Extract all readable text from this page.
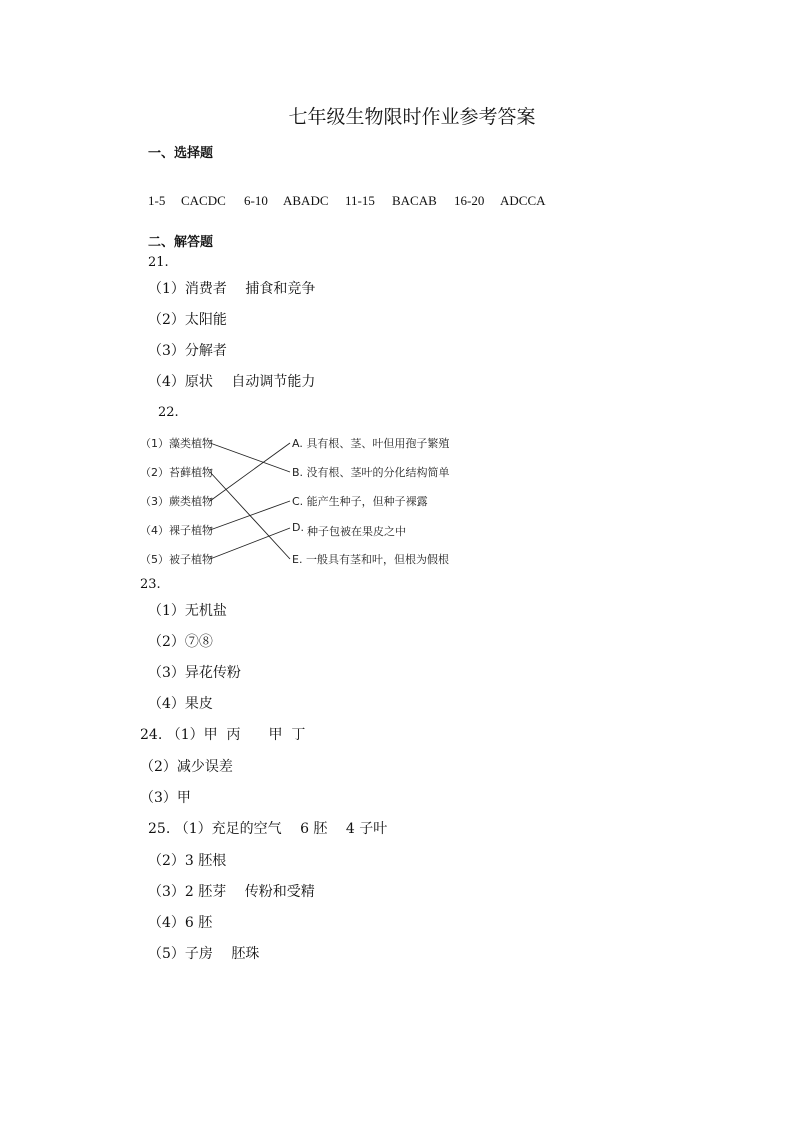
七年级生物限时作业参考答案
一、选择题
1-5 CACDC 6-10 ABADC 11-15 BACAB 16-20 ADCCA
二、解答题
21.
（1）消费者　 捕食和竞争
（2）太阳能
（3）分解者
（4）原状　 自动调节能力
22.
（1）藻类植物
（2）苔藓植物
（3）蕨类植物
（4）裸子植物
（5）被子植物
A. 具有根、茎、叶但用孢子繁殖
B. 没有根、茎叶的分化结构简单
C. 能产生种子，但种子裸露
D. 种子包被在果皮之中
E. 一般具有茎和叶，但根为假根
23.
（1）无机盐
（2）⑦⑧
（3）异花传粉
（4）果皮
24. （1）甲  丙　　甲  丁
（2）减少误差
（3）甲
25. （1）充足的空气　 6 胚　 4 子叶
（2）3 胚根
（3）2 胚芽　 传粉和受精
（4）6 胚
（5）子房　 胚珠
